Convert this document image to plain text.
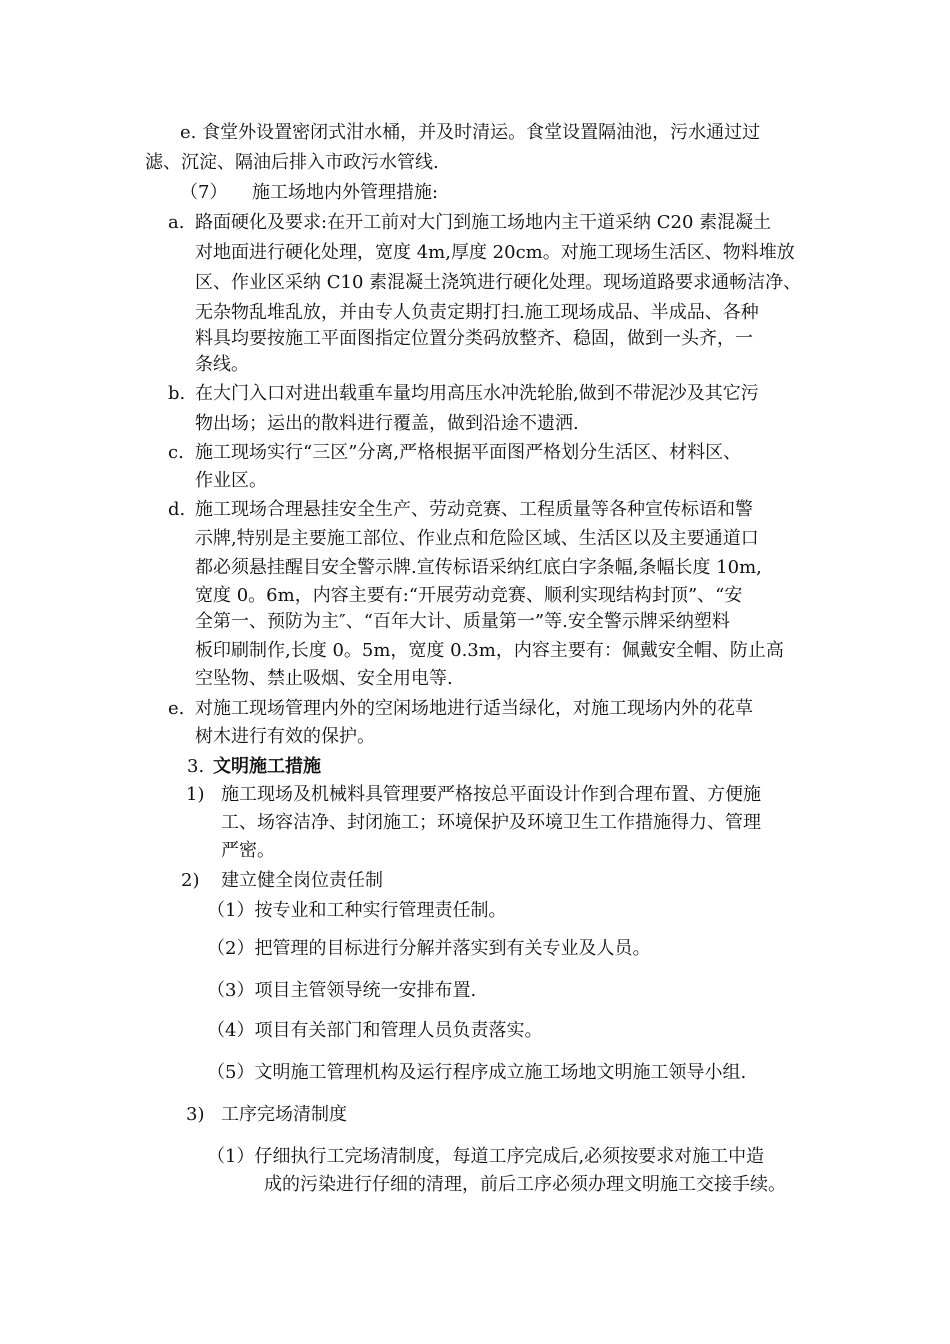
e. 食堂外设置密闭式泔水桶，并及时清运。食堂设置隔油池，污水通过过
滤、沉淀、隔油后排入市政污水管线.
（7） 施工场地内外管理措施:
a. 路面硬化及要求:在开工前对大门到施工场地内主干道采纳 C20 素混凝土
对地面进行硬化处理，宽度 4m,厚度 20cm。对施工现场生活区、物料堆放
区、作业区采纳 C10 素混凝土浇筑进行硬化处理。现场道路要求通畅洁净、
无杂物乱堆乱放，并由专人负责定期打扫.施工现场成品、半成品、各种
料具均要按施工平面图指定位置分类码放整齐、稳固，做到一头齐，一
条线。
b. 在大门入口对进出载重车量均用高压水冲洗轮胎,做到不带泥沙及其它污
物出场；运出的散料进行覆盖，做到沿途不遗洒.
c. 施工现场实行“三区”分离,严格根据平面图严格划分生活区、材料区、
作业区。
d. 施工现场合理悬挂安全生产、劳动竞赛、工程质量等各种宣传标语和警
示牌,特别是主要施工部位、作业点和危险区域、生活区以及主要通道口
都必须悬挂醒目安全警示牌.宣传标语采纳红底白字条幅,条幅长度 10m,
宽度 0。6m，内容主要有:“开展劳动竞赛、顺利实现结构封顶”、“安
全第一、预防为主″、“百年大计、质量第一”等.安全警示牌采纳塑料
板印刷制作,长度 0。5m，宽度 0.3m，内容主要有：佩戴安全帽、防止高
空坠物、禁止吸烟、安全用电等.
e. 对施工现场管理内外的空闲场地进行适当绿化，对施工现场内外的花草
树木进行有效的保护。
3. 文明施工措施
1) 施工现场及机械料具管理要严格按总平面设计作到合理布置、方便施
工、场容洁净、封闭施工；环境保护及环境卫生工作措施得力、管理
严密。
2) 建立健全岗位责任制
（1）按专业和工种实行管理责任制。
（2）把管理的目标进行分解并落实到有关专业及人员。
（3）项目主管领导统一安排布置.
（4）项目有关部门和管理人员负责落实。
（5）文明施工管理机构及运行程序成立施工场地文明施工领导小组.
3) 工序完场清制度
（1）仔细执行工完场清制度，每道工序完成后,必须按要求对施工中造
成的污染进行仔细的清理，前后工序必须办理文明施工交接手续。
